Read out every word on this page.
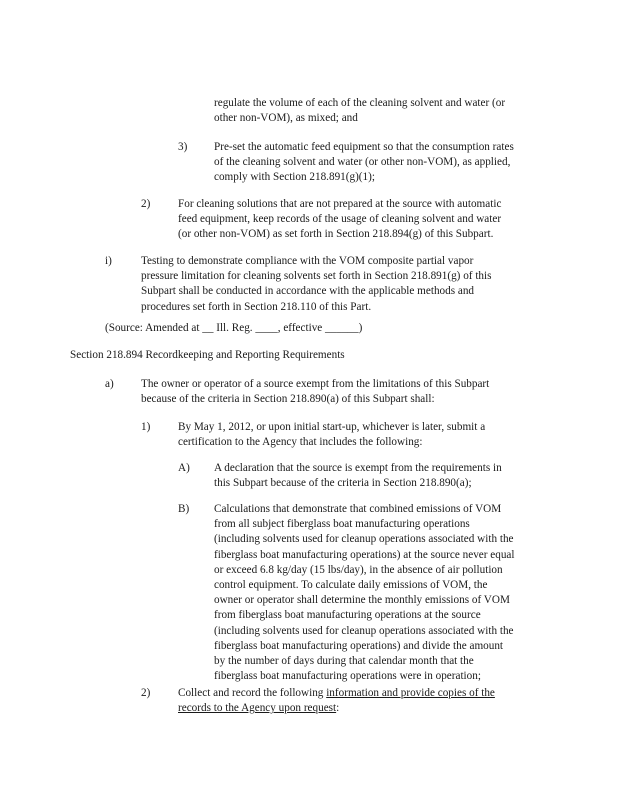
regulate the volume of each of the cleaning solvent and water (or

other non-VOM), as mixed; and

3) Pre-set the automatic feed equipment so that the consumption rates

of the cleaning solvent and water (or other non-VOM), as applied,

comply with Section 218.891(g)(1);

2) For cleaning solutions that are not prepared at the source with automatic

feed equipment, keep records of the usage of cleaning solvent and water

(or other non-VOM) as set forth in Section 218.894(g) of this Subpart.

i)	Testing to demonstrate compliance with the VOM composite partial vapor

pressure limitation for cleaning solvents set forth in Section 218.891(g) of this

Subpart shall be conducted in accordance with the applicable methods and

procedures set forth in Section 218.110 of this Part.

(Source: Amended at __ Ill. Reg. ____, effective ______)

Section 218.894 Recordkeeping and Reporting Requirements

a) The owner or operator of a source exempt from the limitations of this Subpart

because of the criteria in Section 218.890(a) of this Subpart shall:

1) By May 1, 2012, or upon initial start-up, whichever is later, submit a

certification to the Agency that includes the following:

A) A declaration that the source is exempt from the requirements in

this Subpart because of the criteria in Section 218.890(a);

B) Calculations that demonstrate that combined emissions of VOM

from all subject fiberglass boat manufacturing operations

(including solvents used for cleanup operations associated with the

fiberglass boat manufacturing operations) at the source never equal

or exceed 6.8 kg/day (15 lbs/day), in the absence of air pollution

control equipment. To calculate daily emissions of VOM, the

owner or operator shall determine the monthly emissions of VOM

from fiberglass boat manufacturing operations at the source

(including solvents used for cleanup operations associated with the

fiberglass boat manufacturing operations) and divide the amount

by the number of days during that calendar month that the

fiberglass boat manufacturing operations were in operation;

2) Collect and record the following information and provide copies of the

records to the Agency upon request:
